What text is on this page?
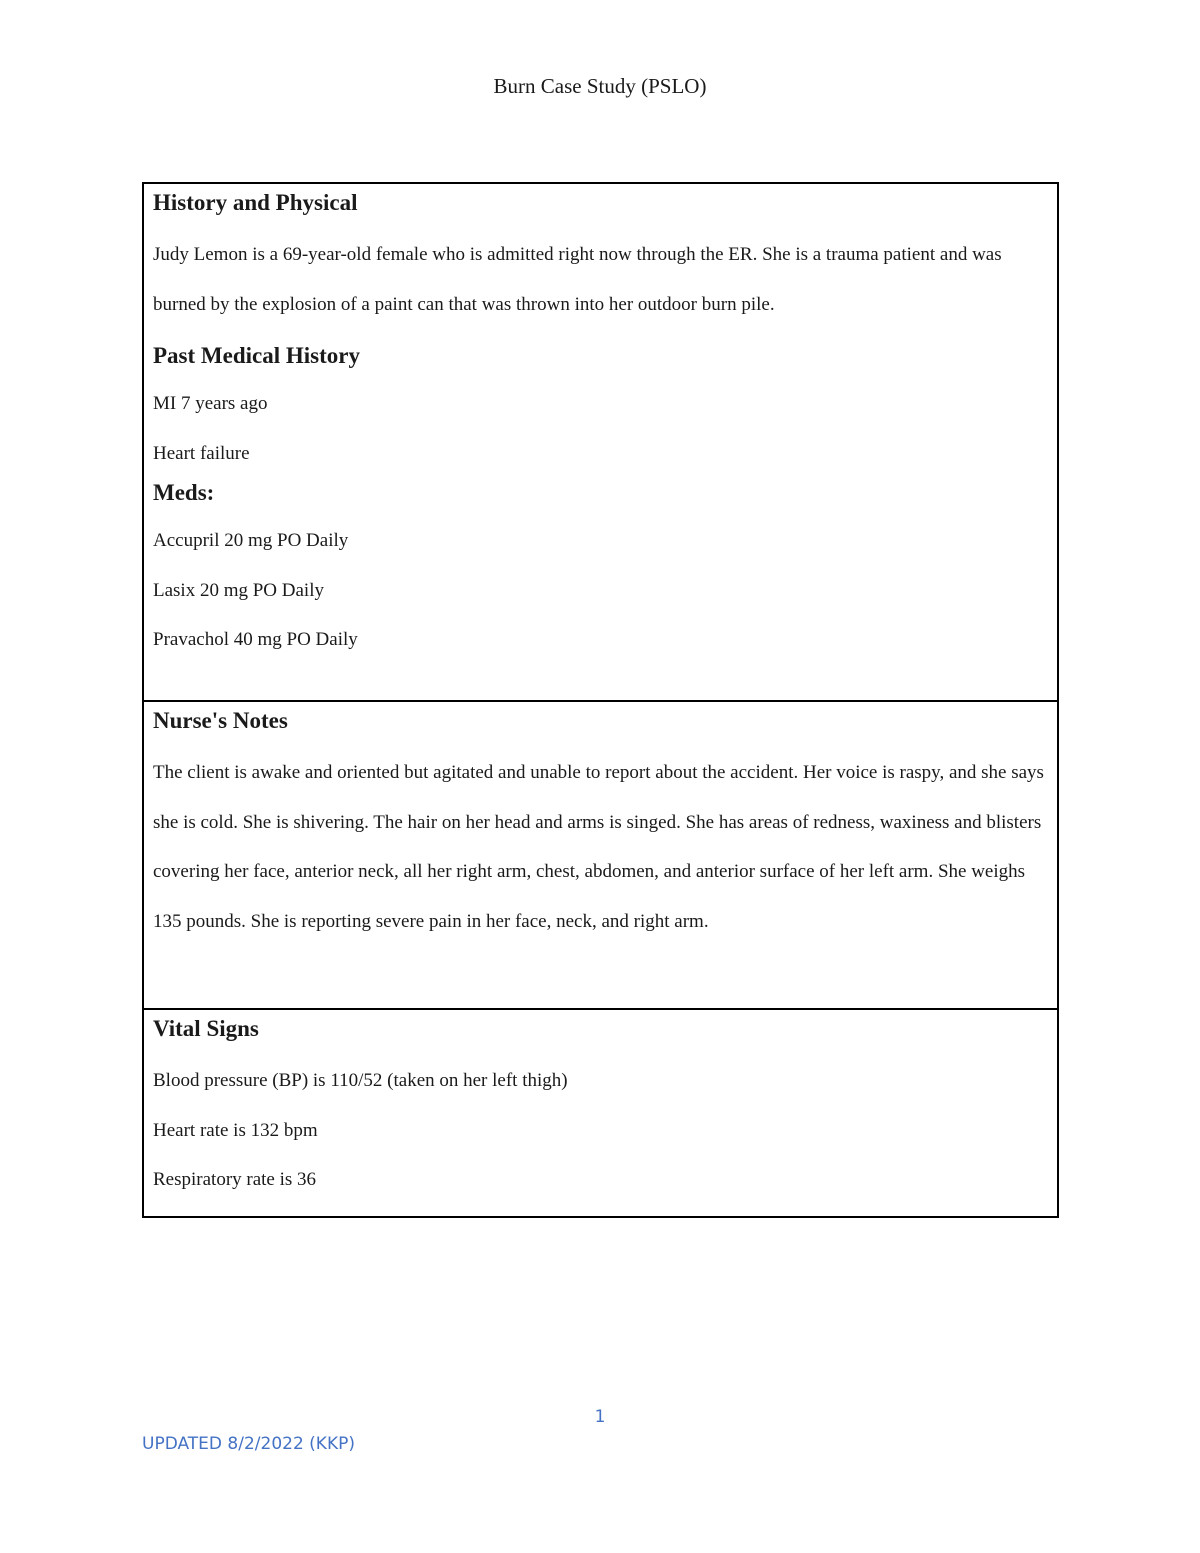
Burn Case Study (PSLO)

History and Physical

Judy Lemon is a 69-year-old female who is admitted right now through the ER. She is a trauma patient and was burned by the explosion of a paint can that was thrown into her outdoor burn pile.

Past Medical History

MI 7 years ago

Heart failure

Meds:

Accupril 20 mg PO Daily

Lasix 20 mg PO Daily

Pravachol 40 mg PO Daily

Nurse's Notes

The client is awake and oriented but agitated and unable to report about the accident. Her voice is raspy, and she says she is cold. She is shivering. The hair on her head and arms is singed. She has areas of redness, waxiness and blisters covering her face, anterior neck, all her right arm, chest, abdomen, and anterior surface of her left arm. She weighs 135 pounds. She is reporting severe pain in her face, neck, and right arm.

Vital Signs

Blood pressure (BP) is 110/52 (taken on her left thigh)

Heart rate is 132 bpm

Respiratory rate is 36

1
UPDATED 8/2/2022 (KKP)
